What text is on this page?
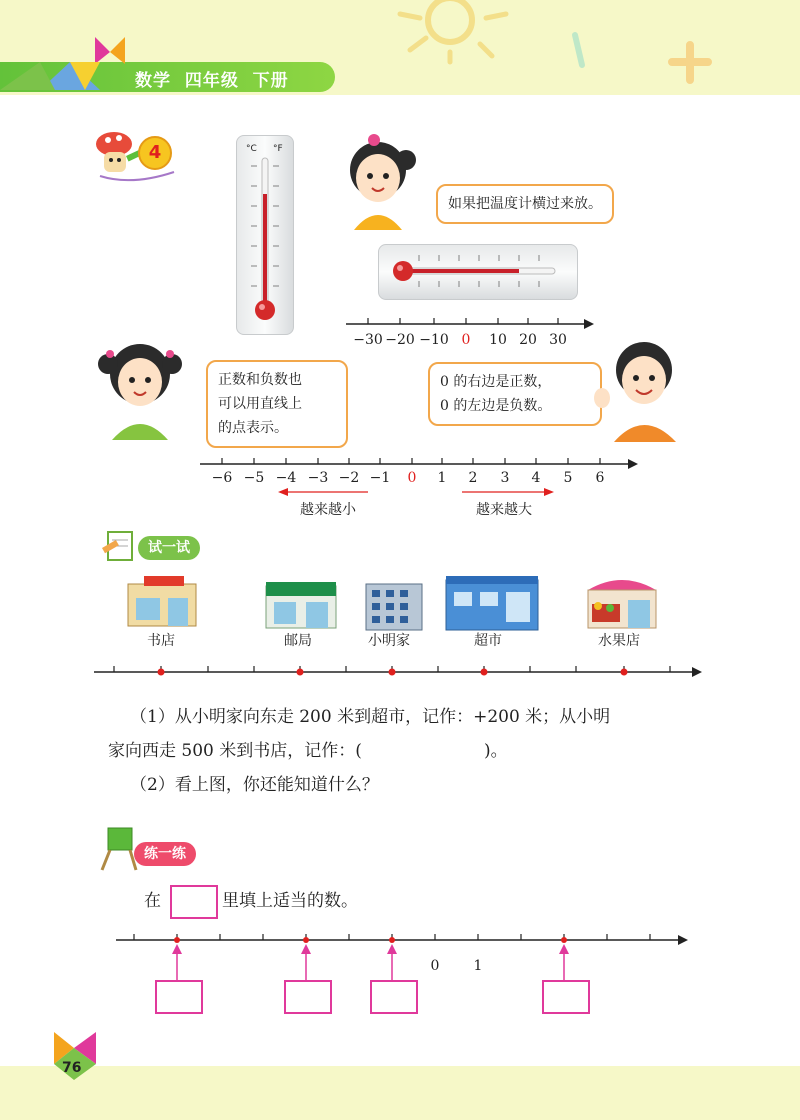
数学  四年级  下册
4	°C °F
如果把温度计横过来放。
−30 −20 −10 0 10 20 30
正数和负数也
可以用直线上
的点表示。
0 的右边是正数，
0 的左边是负数。
−6 −5 −4 −3 −2 −1 0 1 2 3 4 5 6
越来越小	越来越大
试一试
书店	邮局	小明家	超市	水果店
（1）从小明家向东走 200 米到超市，记作：+200 米；从小明
家向西走 500 米到书店，记作：(	)。
（2）看上图，你还能知道什么？
练一练
在	里填上适当的数。
0 1
76
